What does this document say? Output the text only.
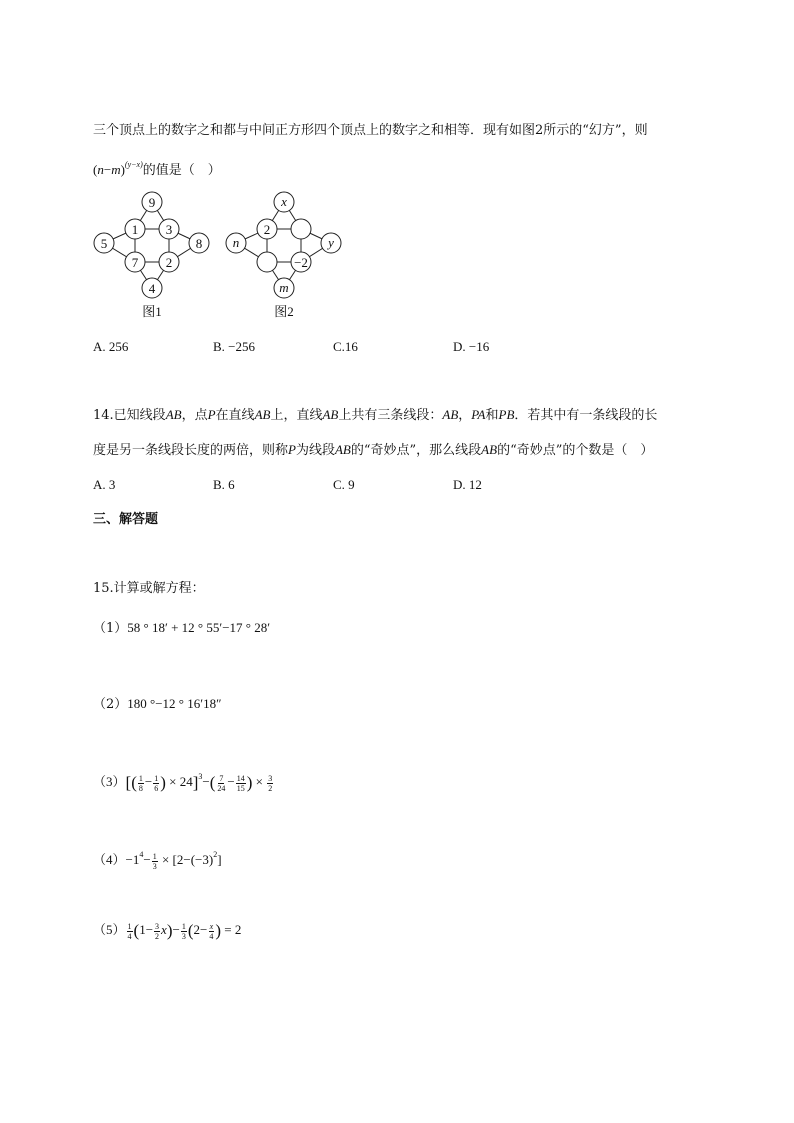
三个顶点上的数字之和都与中间正方形四个顶点上的数字之和相等．现有如图2所示的“幻方”，则
$(n-m)^{(y-x)}$的值是（　）
9
1 3
5	8
7 2
4
图1
x
2
n	y
−2
m
图2
A. 256	B. −256	C.16	D. −16
14.已知线段AB，点P在直线AB上，直线AB上共有三条线段：AB，PA和PB．若其中有一条线段的长
度是另一条线段长度的两倍，则称P为线段AB的“奇妙点”，那么线段AB的“奇妙点”的个数是（　）
A. 3	B. 6	C. 9	D. 12
三、解答题
15.计算或解方程：
（1）58 ° 18′ + 12 ° 55′−17 ° 28′
（2）180 °−12 ° 16′18″
$(3)[( \frac{1}{8} - \frac{1}{6}$ ) × $24]^3-( \frac{7}{24} - \frac{14}{15}$ ) × $\frac{3}{2}$
$(4)-1^4- \frac{1}{3} \times [2-(-3)^2]$
$(5) \frac{1}{4} (1- \frac{3}{2} x)- \frac{1}{3} (2- \frac{x}{4}$ ) = 2
